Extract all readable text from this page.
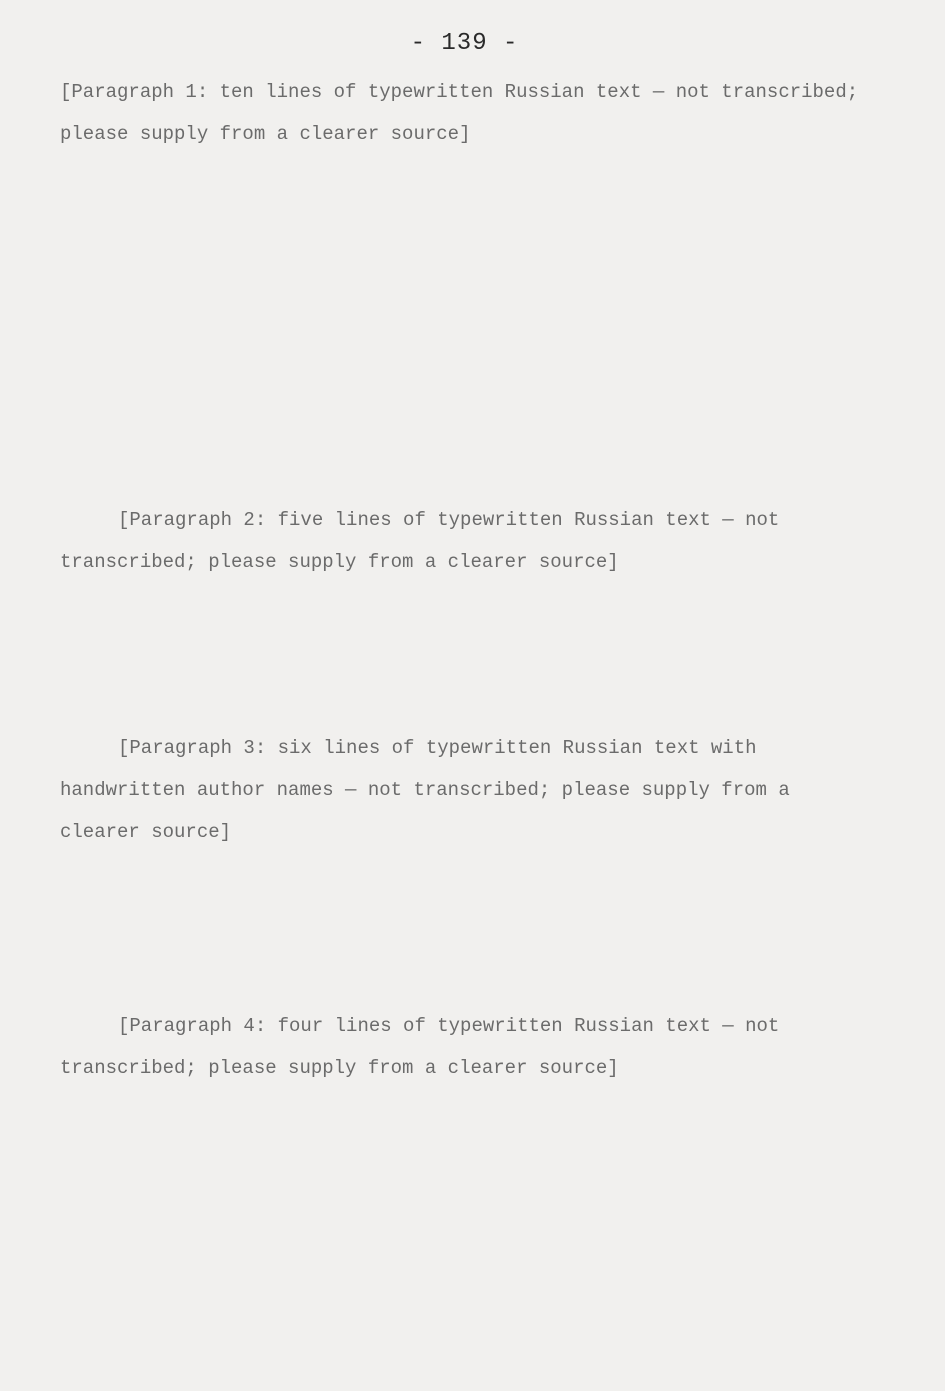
- 139 -

[Paragraph 1: ten lines of typewritten Russian text — not transcribed; please supply from a clearer source]

[Paragraph 2: five lines of typewritten Russian text — not transcribed; please supply from a clearer source]

[Paragraph 3: six lines of typewritten Russian text with handwritten author names — not transcribed; please supply from a clearer source]

[Paragraph 4: four lines of typewritten Russian text — not transcribed; please supply from a clearer source]
